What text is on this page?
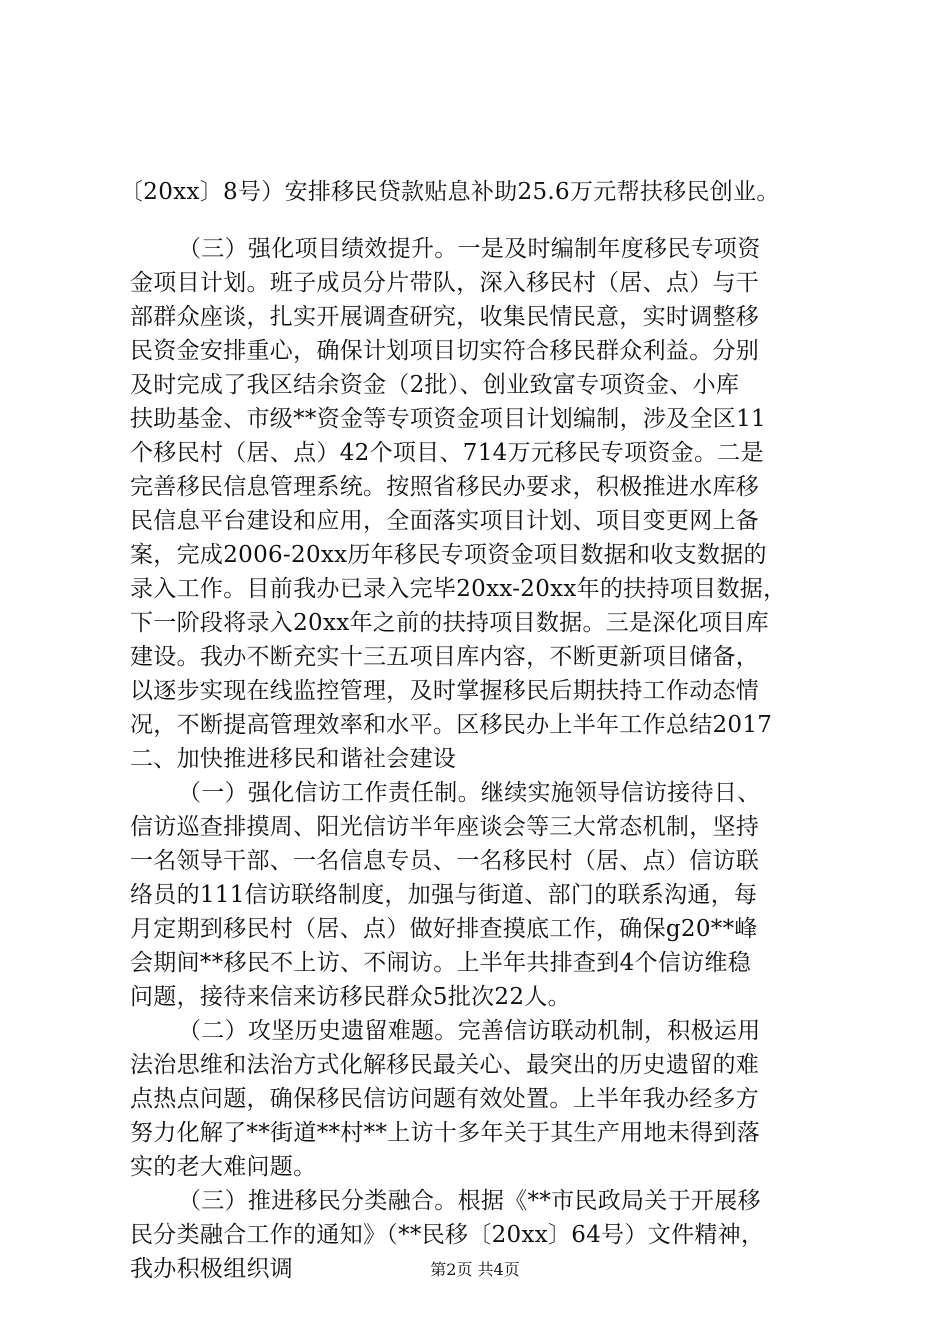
〔20xx〕8号）安排移民贷款贴息补助25.6万元帮扶移民创业。
（三）强化项目绩效提升。一是及时编制年度移民专项资
金项目计划。班子成员分片带队，深入移民村（居、点）与干
部群众座谈，扎实开展调查研究，收集民情民意，实时调整移
民资金安排重心，确保计划项目切实符合移民群众利益。分别
及时完成了我区结余资金（2批）、创业致富专项资金、小库
扶助基金、市级**资金等专项资金项目计划编制，涉及全区11
个移民村（居、点）42个项目、714万元移民专项资金。二是
完善移民信息管理系统。按照省移民办要求，积极推进水库移
民信息平台建设和应用，全面落实项目计划、项目变更网上备
案，完成2006-20xx历年移民专项资金项目数据和收支数据的
录入工作。目前我办已录入完毕20xx-20xx年的扶持项目数据，
下一阶段将录入20xx年之前的扶持项目数据。三是深化项目库
建设。我办不断充实十三五项目库内容，不断更新项目储备，
以逐步实现在线监控管理，及时掌握移民后期扶持工作动态情
况，不断提高管理效率和水平。区移民办上半年工作总结2017
二、加快推进移民和谐社会建设
（一）强化信访工作责任制。继续实施领导信访接待日、
信访巡查排摸周、阳光信访半年座谈会等三大常态机制，坚持
一名领导干部、一名信息专员、一名移民村（居、点）信访联
络员的111信访联络制度，加强与街道、部门的联系沟通，每
月定期到移民村（居、点）做好排查摸底工作，确保g20**峰
会期间**移民不上访、不闹访。上半年共排查到4个信访维稳
问题，接待来信来访移民群众5批次22人。
（二）攻坚历史遗留难题。完善信访联动机制，积极运用
法治思维和法治方式化解移民最关心、最突出的历史遗留的难
点热点问题，确保移民信访问题有效处置。上半年我办经多方
努力化解了**街道**村**上访十多年关于其生产用地未得到落
实的老大难问题。
（三）推进移民分类融合。根据《**市民政局关于开展移
民分类融合工作的通知》（**民移〔20xx〕64号）文件精神，
我办积极组织调	第2页 共4页
